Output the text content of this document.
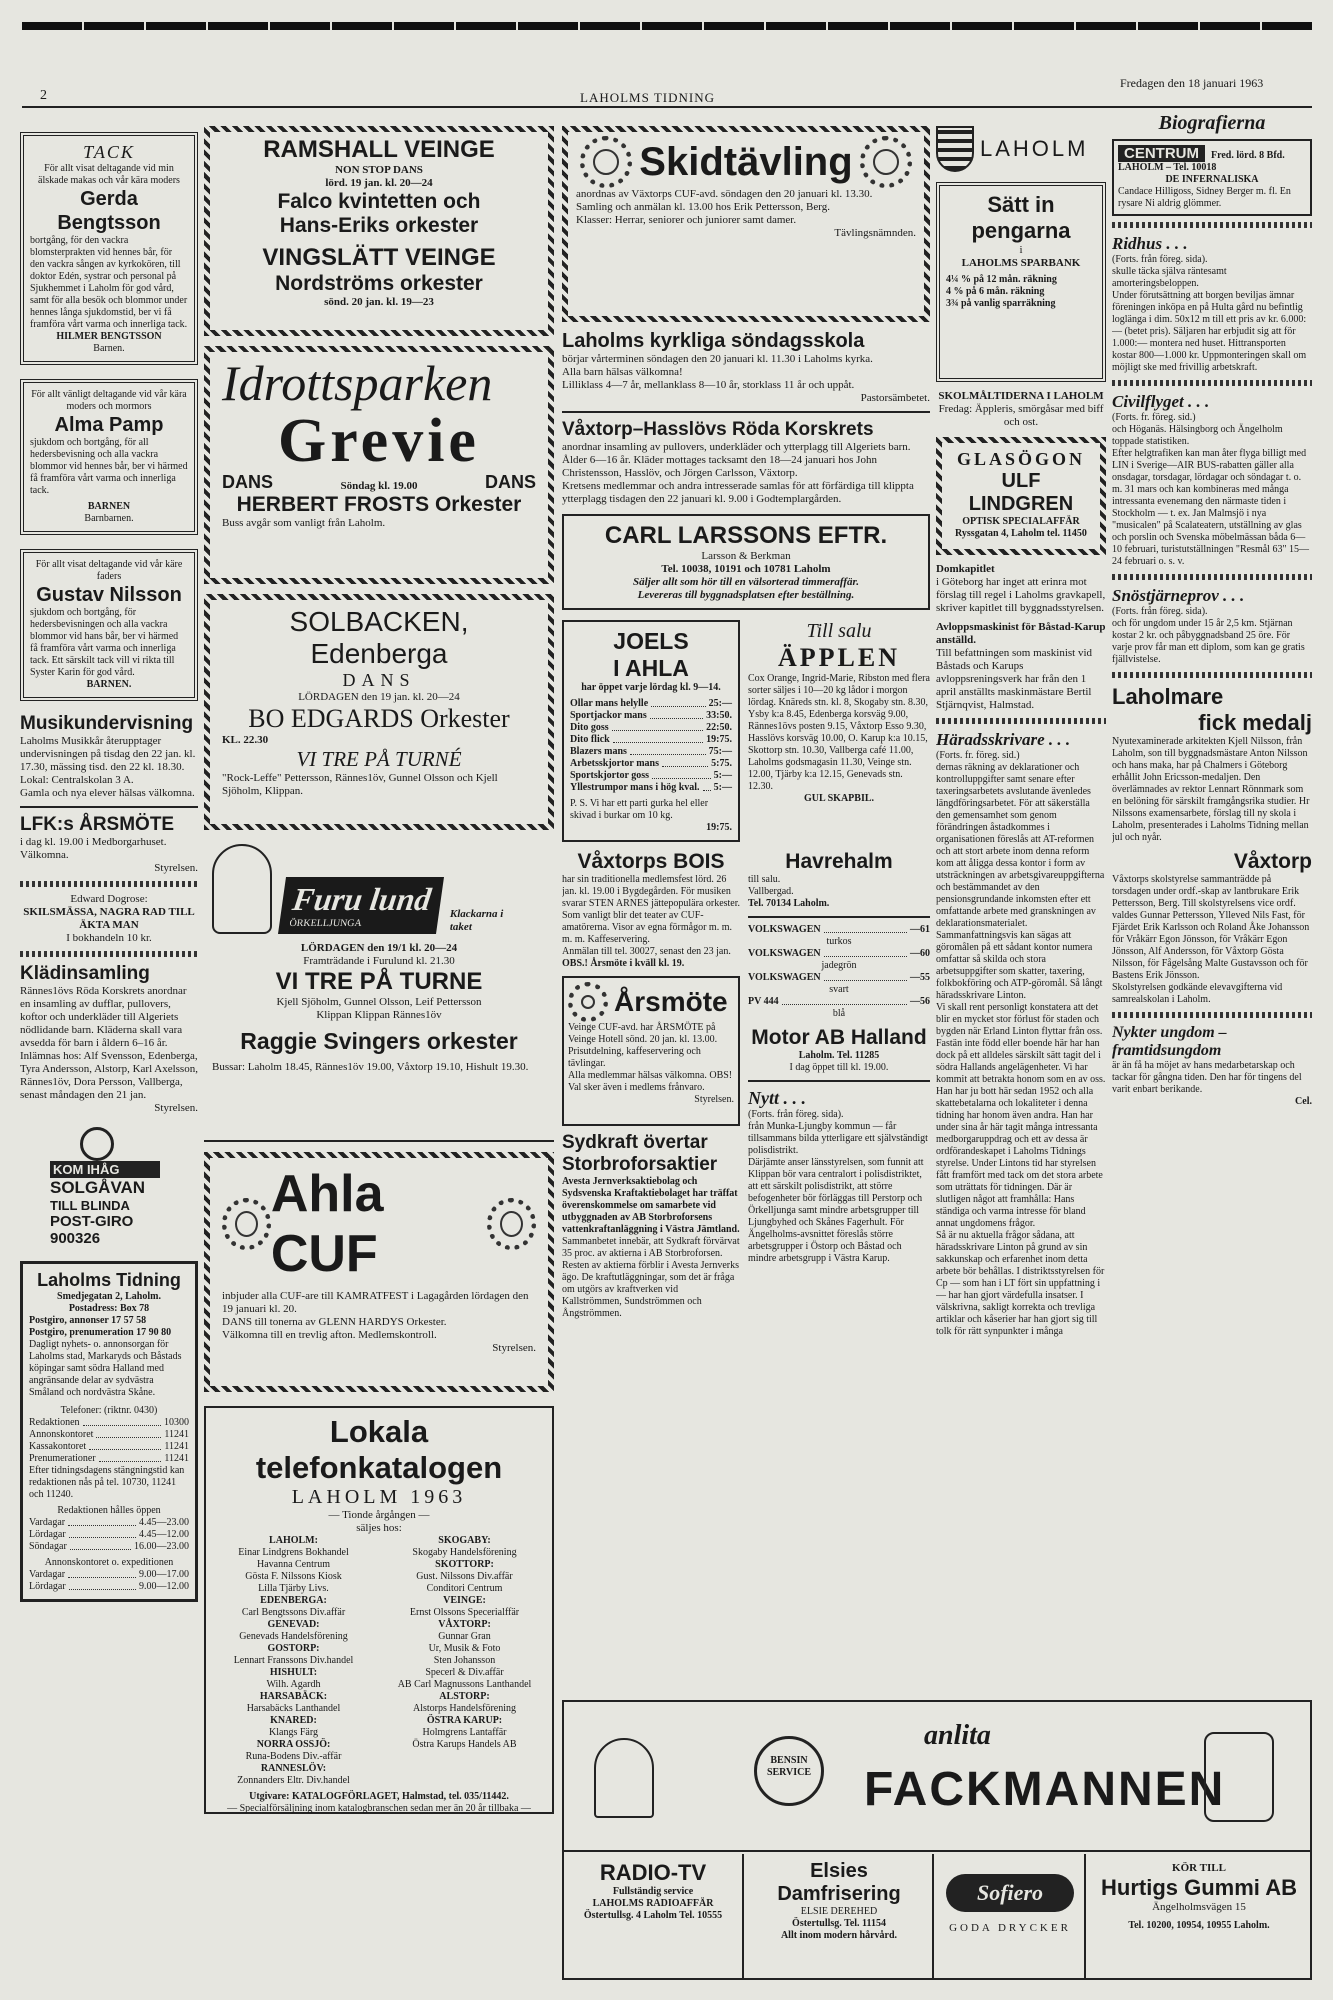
2	LAHOLMS TIDNING
Fredagen den 18 januari 1963

TACK

För allt visat deltagande vid min älskade makas och vår kära moders

Gerda Bengtsson

bortgång, för den vackra blomsterprakten vid hennes bår, för den vackra sången av kyrkokören, till doktor Edén, systrar och personal på Sjukhemmet i Laholm för god vård, samt för alla besök och blommor under hennes långa sjukdomstid, ber vi få framföra vårt varma och innerliga tack.

HILMER BENGTSSON

Barnen.

För allt vänligt deltagande vid vår kära moders och mormors

Alma Pamp

sjukdom och bortgång, för all hedersbevisning och alla vackra blommor vid hennes bår, ber vi härmed få framföra vårt varma och innerliga tack.

BARNEN

Barnbarnen.

För allt visat deltagande vid vår käre faders

Gustav Nilsson

sjukdom och bortgång, för hedersbevisningen och alla vackra blommor vid hans bår, ber vi härmed få framföra vårt varma och innerliga tack. Ett särskilt tack vill vi rikta till Syster Karin för god vård.

BARNEN.

Musikundervisning

Laholms Musikkår återupptager undervisningen på tisdag den 22 jan. kl. 17.30, mässing tisd. den 22 kl. 18.30. Lokal: Centralskolan 3 A.

Gamla och nya elever hälsas välkomna.

LFK:s ÅRSMÖTE

i dag kl. 19.00 i Medborgarhuset. Välkomna.

Styrelsen.

Edward Dogrose:

SKILSMÄSSA, NAGRA RAD TILL ÄKTA MAN

I bokhandeln 10 kr.

Klädinsamling

Rännes1övs Röda Korskrets anordnar en insamling av dufflar, pullovers, koftor och underkläder till Algeriets nödlidande barn. Kläderna skall vara avsedda för barn i åldern 6–16 år. Inlämnas hos: Alf Svensson, Edenberga, Tyra Andersson, Alstorp, Karl Axelsson, Rännes1öv, Dora Persson, Vallberga, senast måndagen den 21 jan.

Styrelsen.

KOM IHÅG

SOLGÅVAN

TILL BLINDA

POST-GIRO 900326

Laholms Tidning

Smedjegatan 2, Laholm.

Postadress: Box 78

Postgiro, annonser 17 57 58

Postgiro, prenumeration 17 90 80

Dagligt nyhets- o. annonsorgan för Laholms stad, Markaryds och Båstads köpingar samt södra Halland med angränsande delar av sydvästra Småland och nordvästra Skåne.

Telefoner: (riktnr. 0430)

Redaktionen	10300
Annonskontoret	11241
Kassakontoret	11241
Prenumerationer	11241

Efter tidningsdagens stängningstid kan redaktionen nås på tel. 10730, 11241 och 11240.

Redaktionen hålles öppen

Vardagar	4.45—23.00
Lördagar	4.45—12.00
Söndagar	16.00—23.00

Annonskontoret o. expeditionen

Vardagar	9.00—17.00
Lördagar	9.00—12.00

RAMSHALL VEINGE

NON STOP DANS

lörd. 19 jan. kl. 20—24

Falco kvintetten och

Hans-Eriks orkester

VINGSLÄTT VEINGE

Nordströms orkester

sönd. 20 jan. kl. 19—23

Idrottsparken

Grevie

DANS	Söndag kl. 19.00	DANS

HERBERT FROSTS Orkester

Buss avgår som vanligt från Laholm.

SOLBACKEN, Edenberga

DANS

LÖRDAGEN den 19 jan. kl. 20—24

BO EDGARDS Orkester

KL. 22.30

VI TRE PÅ TURNÉ

"Rock-Leffe" Pettersson, Rännes1öv, Gunnel Olsson och Kjell Sjöholm, Klippan.

Furu lund

ÖRKELLJUNGA

Klackarna i taket

LÖRDAGEN den 19/1 kl. 20—24

Framträdande i Furulund kl. 21.30

VI TRE PÅ TURNE

Kjell Sjöholm, Gunnel Olsson, Leif Pettersson

Klippan Klippan Rännes1öv

Raggie Svingers orkester

Bussar: Laholm 18.45, Rännes1öv 19.00, Våxtorp 19.10, Hishult 19.30.

Ahla CUF

inbjuder alla CUF-are till KAMRATFEST i Lagagården lördagen den 19 januari kl. 20.

DANS till tonerna av GLENN HARDYS Orkester.

Välkomna till en trevlig afton. Medlemskontroll.

Styrelsen.

Lokala telefonkatalogen

LAHOLM 1963

— Tionde årgången —

säljes hos:

LAHOLM:

Einar Lindgrens Bokhandel

Havanna Centrum

Gösta F. Nilssons Kiosk

Lilla Tjärby Livs.

EDENBERGA:

Carl Bengtssons Div.affär

GENEVAD:

Genevads Handelsförening

GOSTORP:

Lennart Franssons Div.handel

HISHULT:

Wilh. Agardh

HARSABÄCK:

Harsabäcks Lanthandel

KNARED:

Klangs Färg

NORRA OSSJÖ:

Runa-Bodens Div.-affär

RANNESLÖV:

Zonnanders Eltr. Div.handel

SKOGABY:

Skogaby Handelsförening

SKOTTORP:

Gust. Nilssons Div.affär

Conditori Centrum

VEINGE:

Ernst Olssons Specerialffär

VÅXTORP:

Gunnar Gran

Ur, Musik & Foto

Sten Johansson

Specerl & Div.affär

AB Carl Magnussons Lanthandel

ALSTORP:

Alstorps Handelsförening

ÖSTRA KARUP:

Holmgrens Lantaffär

Östra Karups Handels AB

Utgivare: KATALOGFÖRLAGET, Halmstad, tel. 035/11442.

— Specialförsäljning inom katalogbranschen sedan mer än 20 år tillbaka —

Skidtävling

anordnas av Växtorps CUF-avd. söndagen den 20 januari kl. 13.30.

Samling och anmälan kl. 13.00 hos Erik Pettersson, Berg.

Klasser: Herrar, seniorer och juniorer samt damer.

Tävlingsnämnden.

Laholms kyrkliga söndagsskola

börjar vårterminen söndagen den 20 januari kl. 11.30 i Laholms kyrka.

Alla barn hälsas välkomna!

Lilliklass 4—7 år, mellanklass 8—10 år, storklass 11 år och uppåt.

Pastorsämbetet.

Våxtorp–Hasslövs Röda Korskrets

anordnar insamling av pullovers, underkläder och ytterplagg till Algeriets barn. Ålder 6—16 år. Kläder mottages tacksamt den 18—24 januari hos John Christensson, Hasslöv, och Jörgen Carlsson, Växtorp.

Kretsens medlemmar och andra intresserade samlas för att förfärdiga till klippta ytterplagg tisdagen den 22 januari kl. 9.00 i Godtemplargården.

CARL LARSSONS EFTR.

Larsson & Berkman

Tel. 10038, 10191 och 10781 Laholm

Säljer allt som hör till en välsorterad timmeraffär.

Levereras till byggnadsplatsen efter beställning.

JOELS

I AHLA

har öppet varje lördag kl. 9—14.

Ollar mans helylle	25:—
Sportjackor mans	33:50.
Dito goss	22:50.
Dito flick	19:75.
Blazers mans	75:—
Arbetsskjortor mans	5:75.
Sportskjortor goss	5:—
Yllestrumpor mans i hög kval. 5:—

P. S. Vi har ett parti gurka hel eller skivad i burkar om 10 kg.

19:75.

Till salu

ÄPPLEN

Cox Orange, Ingrid-Marie, Ribston med flera sorter säljes i 10—20 kg lådor i morgon lördag. Knäreds stn. kl. 8, Skogaby stn. 8.30, Ysby k:a 8.45, Edenberga korsväg 9.00, Rännes1övs posten 9.15, Våxtorp Esso 9.30, Hasslövs korsväg 10.00, O. Karup k:a 10.15, Skottorp stn. 10.30, Vallberga café 11.00, Laholms godsmagasin 11.30, Veinge stn. 12.00, Tjärby k:a 12.15, Genevads stn. 12.30.

GUL SKAPBIL.

Våxtorps BOIS

har sin traditionella medlemsfest lörd. 26 jan. kl. 19.00 i Bygdegården. För musiken svarar STEN ARNES jättepopulära orkester.

Som vanligt blir det teater av CUF-amatörerna. Visor av egna förmågor m. m. m. m. Kaffeservering.

Anmälan till tel. 30027, senast den 23 jan.

OBS.! Årsmöte i kväll kl. 19.

Årsmöte

Veinge CUF-avd. har ÅRSMÖTE på Veinge Hotell sönd. 20 jan. kl. 13.00.

Prisutdelning, kaffeservering och tävlingar.

Alla medlemmar hälsas välkomna. OBS! Val sker även i medlems frånvaro.

Styrelsen.

Sydkraft övertar Storbroforsaktier

Avesta Jernverksaktiebolag och Sydsvenska Kraftaktiebolaget har träffat överenskommelse om samarbete vid utbyggnaden av AB Storbroforsens vattenkraftanläggning i Västra Jämtland.

Sammanbetet innebär, att Sydkraft förvärvat 35 proc. av aktierna i AB Storbroforsen. Resten av aktierna förblir i Avesta Jernverks ägo. De kraftutläggningar, som det är fråga om utgörs av kraftverken vid Kallströmmen, Sundströmmen och Ångströmmen.

Havrehalm

till salu.

Vallbergad.

Tel. 70134 Laholm.

VOLKSWAGEN	—61

turkos

VOLKSWAGEN	—60

jadegrön

VOLKSWAGEN	—55

svart

PV 444	—56

blå

Motor AB Halland

Laholm. Tel. 11285

I dag öppet till kl. 19.00.

Nytt . . .

(Forts. från föreg. sida).

från Munka-Ljungby kommun — får tillsammans bilda ytterligare ett självständigt polisdistrikt.

Därjämte anser länsstyrelsen, som funnit att Klippan bör vara centralort i polisdistriktet, att ett särskilt polisdistrikt, att större befogenheter bör förläggas till Perstorp och Örkelljunga samt mindre arbetsgrupper till Ljungbyhed och Skånes Fagerhult. För Ängelholms-avsnittet föreslås större arbetsgrupper i Östorp och Båstad och mindre arbetsgrupp i Västra Karup.

LAHOLM

Sätt in

pengarna

i

LAHOLMS SPARBANK

4¼ % på 12 mån. räkning

4 % på 6 mån. räkning

3¾ på vanlig sparräkning

SKOLMÅLTIDERNA I LAHOLM

Fredag: Äppleris, smörgåsar med biff och ost.

GLASÖGON

ULF LINDGREN

OPTISK SPECIALAFFÄR

Ryssgatan 4, Laholm tel. 11450

Domkapitlet

i Göteborg har inget att erinra mot förslag till regel i Laholms gravkapell, skriver kapitlet till byggnadsstyrelsen.

Avloppsmaskinist för Båstad-Karup anställd.

Till befattningen som maskinist vid Båstads och Karups avloppsreningsverk har från den 1 april anställts maskinmästare Bertil Stjärnqvist, Halmstad.

Häradsskrivare . . .

(Forts. fr. föreg. sid.)

dernas räkning av deklarationer och kontrolluppgifter samt senare efter taxeringsarbetets avslutande ävenledes längdföringsarbetet. För att säkerställa den gemensamhet som genom förändringen åstadkommes i organisationen föreslås att AT-reformen och att stort arbete inom denna reform kom att åligga dessa kontor i form av utsträckningen av arbetsgivareuppgifterna och bestämmandet av den pensionsgrundande inkomsten efter ett omfattande arbete med granskningen av deklarationsmaterialet. Sammanfattningsvis kan sägas att göromålen på ett sådant kontor numera omfattar så skilda och stora arbetsuppgifter som skatter, taxering, folkbokföring och ATP-göromål. Så långt häradsskrivare Linton.

Vi skall rent personligt konstatera att det blir en mycket stor förlust för staden och bygden när Erland Linton flyttar från oss. Fastän inte född eller boende här har han dock på ett alldeles särskilt sätt tagit del i södra Hallands angelägenheter. Vi har kommit att betrakta honom som en av oss. Han har ju bott här sedan 1952 och alla skattebetalarna och lokaliteter i denna tidning har honom även andra. Han har under sina år här tagit många intressanta medborgaruppdrag och ett av dessa är ordförandeskapet i Laholms Tidnings styrelse. Under Lintons tid har styrelsen fått framfört med tack om det stora arbete som uträttats för tidningen. Där är slutligen något att framhålla: Hans ständiga och varma intresse för bland annat ungdomens frågor.

Så är nu aktuella frågor sådana, att häradsskrivare Linton på grund av sin sakkunskap och erfarenhet inom detta arbete bör behållas. I distriktsstyrelsen för Cp — som han i LT fört sin uppfattning i — har han gjort värdefulla insatser. I välskrivna, sakligt korrekta och trevliga artiklar och kåserier har han gjort sig till tolk för rätt synpunkter i många

Biografierna

CENTRUM	Fred. lörd. 8 Bfd.

LAHOLM – Tel. 10018

DE INFERNALISKA

Candace Hilligoss, Sidney Berger m. fl. En rysare Ni aldrig glömmer.

Ridhus . . .

(Forts. från föreg. sida).

skulle täcka själva räntesamt amorteringsbeloppen.

Under förutsättning att borgen beviljas ämnar föreningen inköpa en på Hulta gård nu befintlig loglänga i dim. 50x12 m till ett pris av kr. 6.000:— (betet pris). Säljaren har erbjudit sig att för 1.000:— montera ned huset. Hittransporten kostar 800—1.000 kr. Uppmonteringen skall om möjligt ske med frivillig arbetskraft.

Civilflyget . . .

(Forts. fr. föreg. sid.)

och Höganäs. Hälsingborg och Ängelholm toppade statistiken.

Efter helgtrafiken kan man åter flyga billigt med LIN i Sverige—AIR BUS-rabatten gäller alla onsdagar, torsdagar, lördagar och söndagar t. o. m. 31 mars och kan kombineras med många intressanta evenemang den närmaste tiden i Stockholm — t. ex. Jan Malmsjö i nya "musicalen" på Scalateatern, utställning av glas och porslin och Svenska möbelmässan båda 6—10 februari, turistutställningen "Resmål 63" 15—24 februari o. s. v.

Snöstjärneprov . . .

(Forts. från föreg. sida).

och för ungdom under 15 år 2,5 km. Stjärnan kostar 2 kr. och påbyggnadsband 25 öre. För varje prov får man ett diplom, som kan ge gratis fjällvistelse.

Laholmare

fick medalj

Nyutexaminerade arkitekten Kjell Nilsson, från Laholm, son till byggnadsmästare Anton Nilsson och hans maka, har på Chalmers i Göteborg erhållit John Ericsson-medaljen. Den överlämnades av rektor Lennart Rönnmark som en belöning för särskilt framgångsrika studier. Hr Nilssons examensarbete, förslag till ny skola i Laholm, presenterades i Laholms Tidning mellan jul och nyår.

Våxtorp

Våxtorps skolstyrelse sammanträdde på torsdagen under ordf.-skap av lantbrukare Erik Pettersson, Berg. Till skolstyrelsens vice ordf. valdes Gunnar Pettersson, Ylleved Nils Fast, för Fjärdet Erik Karlsson och Roland Åke Johansson för Vråkärr Egon Jönsson, för Vråkärr Egon Jönsson, Alf Andersson, för Våxtorp Gösta Nilsson, för Fågelsång Malte Gustavsson och för Bastens Erik Jönsson.

Skolstyrelsen godkände elevavgifterna vid samrealskolan i Laholm.

Nykter ungdom – framtidsungdom

är än få ha möjet av hans medarbetarskap och tackar för gångna tiden. Den har för tingens del varit enbart berikande.

Cel.

BENSIN SERVICE

anlita

FACKMANNEN

RADIO-TV

Fullständig service

LAHOLMS RADIOAFFÄR

Östertullsg. 4 Laholm Tel. 10555

Elsies

Damfrisering

ELSIE DEREHED

Östertullsg. Tel. 11154

Allt inom modern hårvård.

Sofiero

GODA DRYCKER

KÖR TILL

Hurtigs Gummi AB

Ängelholmsvägen 15

Tel. 10200, 10954, 10955 Laholm.
